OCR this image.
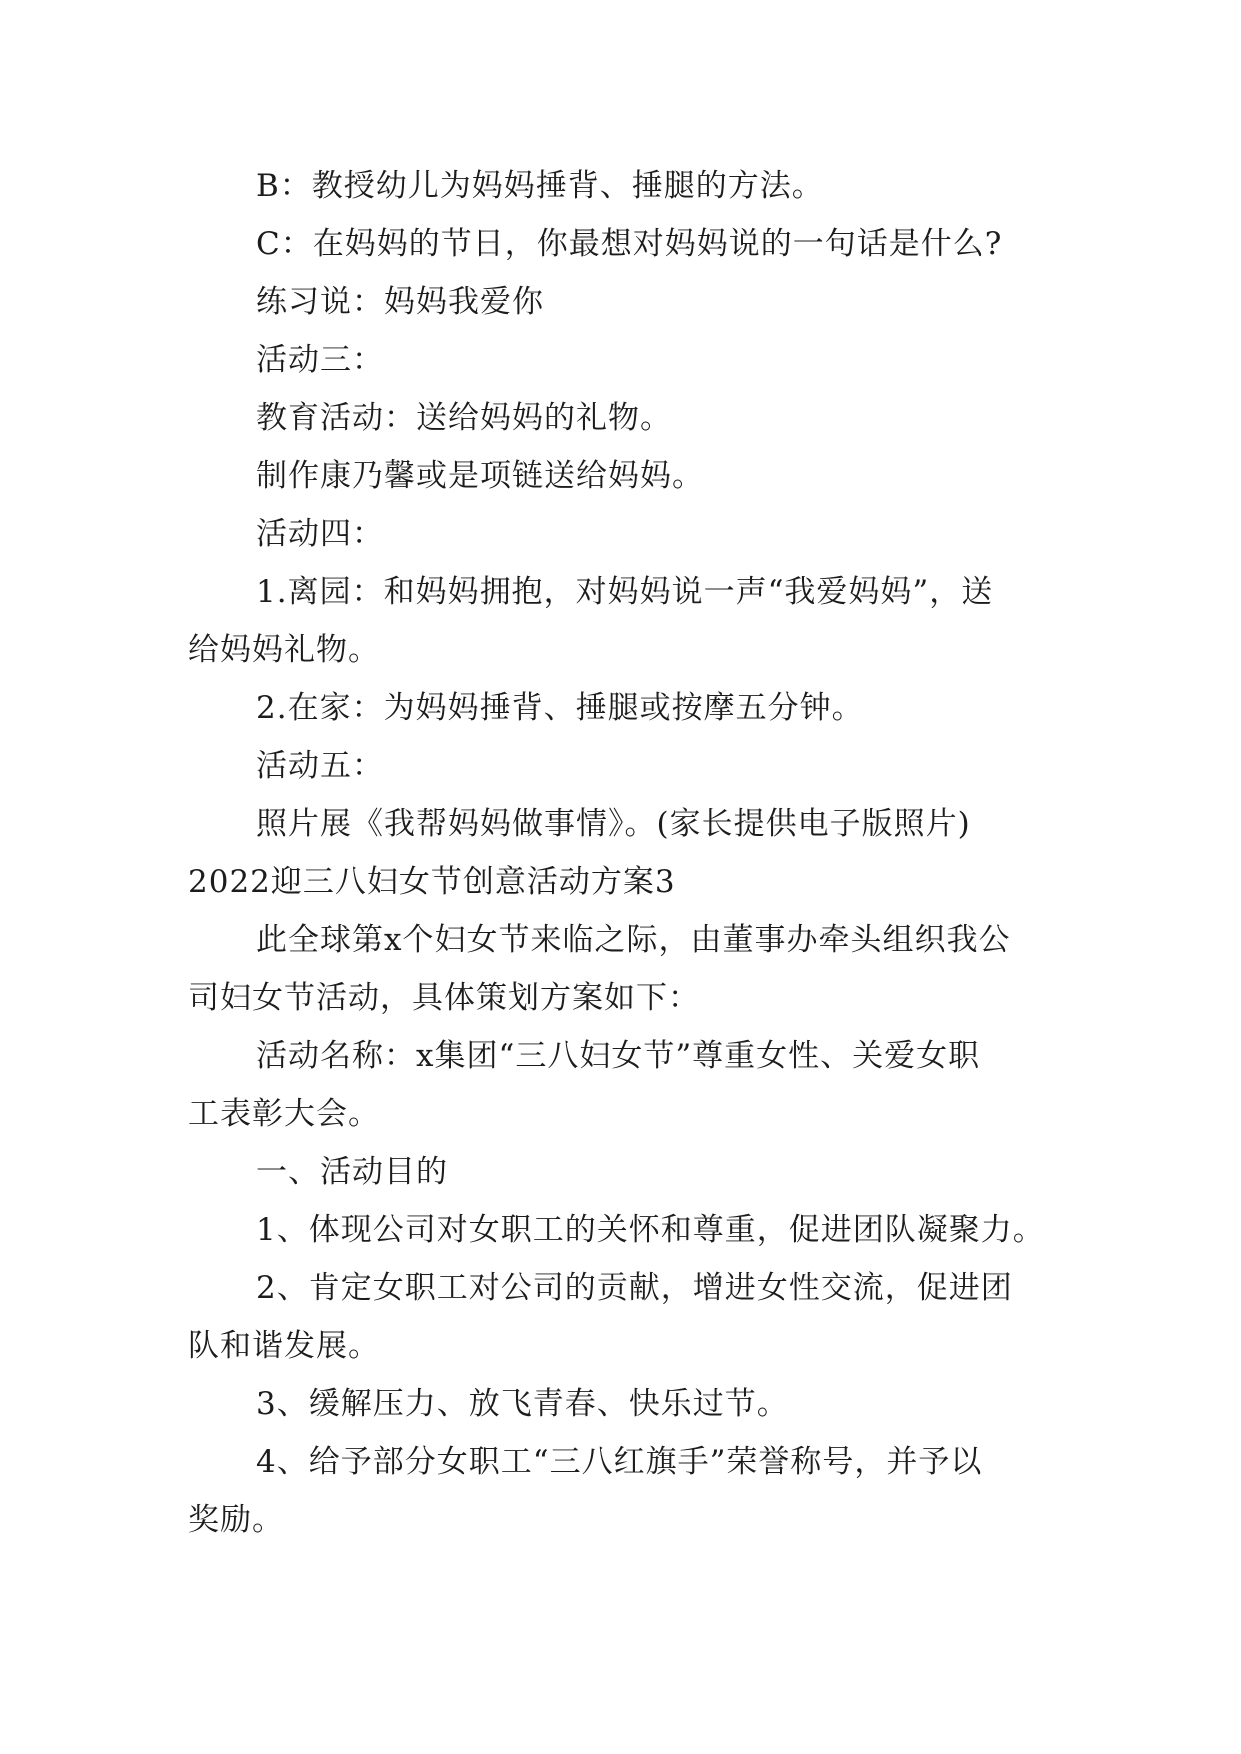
B：教授幼儿为妈妈捶背、捶腿的方法。
C：在妈妈的节日，你最想对妈妈说的一句话是什么?
练习说：妈妈我爱你
活动三：
教育活动：送给妈妈的礼物。
制作康乃馨或是项链送给妈妈。
活动四：
1.离园：和妈妈拥抱，对妈妈说一声“我爱妈妈”，送
给妈妈礼物。
2.在家：为妈妈捶背、捶腿或按摩五分钟。
活动五：
照片展《我帮妈妈做事情》。(家长提供电子版照片)
2022迎三八妇女节创意活动方案3
此全球第x个妇女节来临之际，由董事办牵头组织我公
司妇女节活动，具体策划方案如下：
活动名称：x集团“三八妇女节”尊重女性、关爱女职
工表彰大会。
一、活动目的
1、体现公司对女职工的关怀和尊重，促进团队凝聚力。
2、肯定女职工对公司的贡献，增进女性交流，促进团
队和谐发展。
3、缓解压力、放飞青春、快乐过节。
4、给予部分女职工“三八红旗手”荣誉称号，并予以
奖励。
